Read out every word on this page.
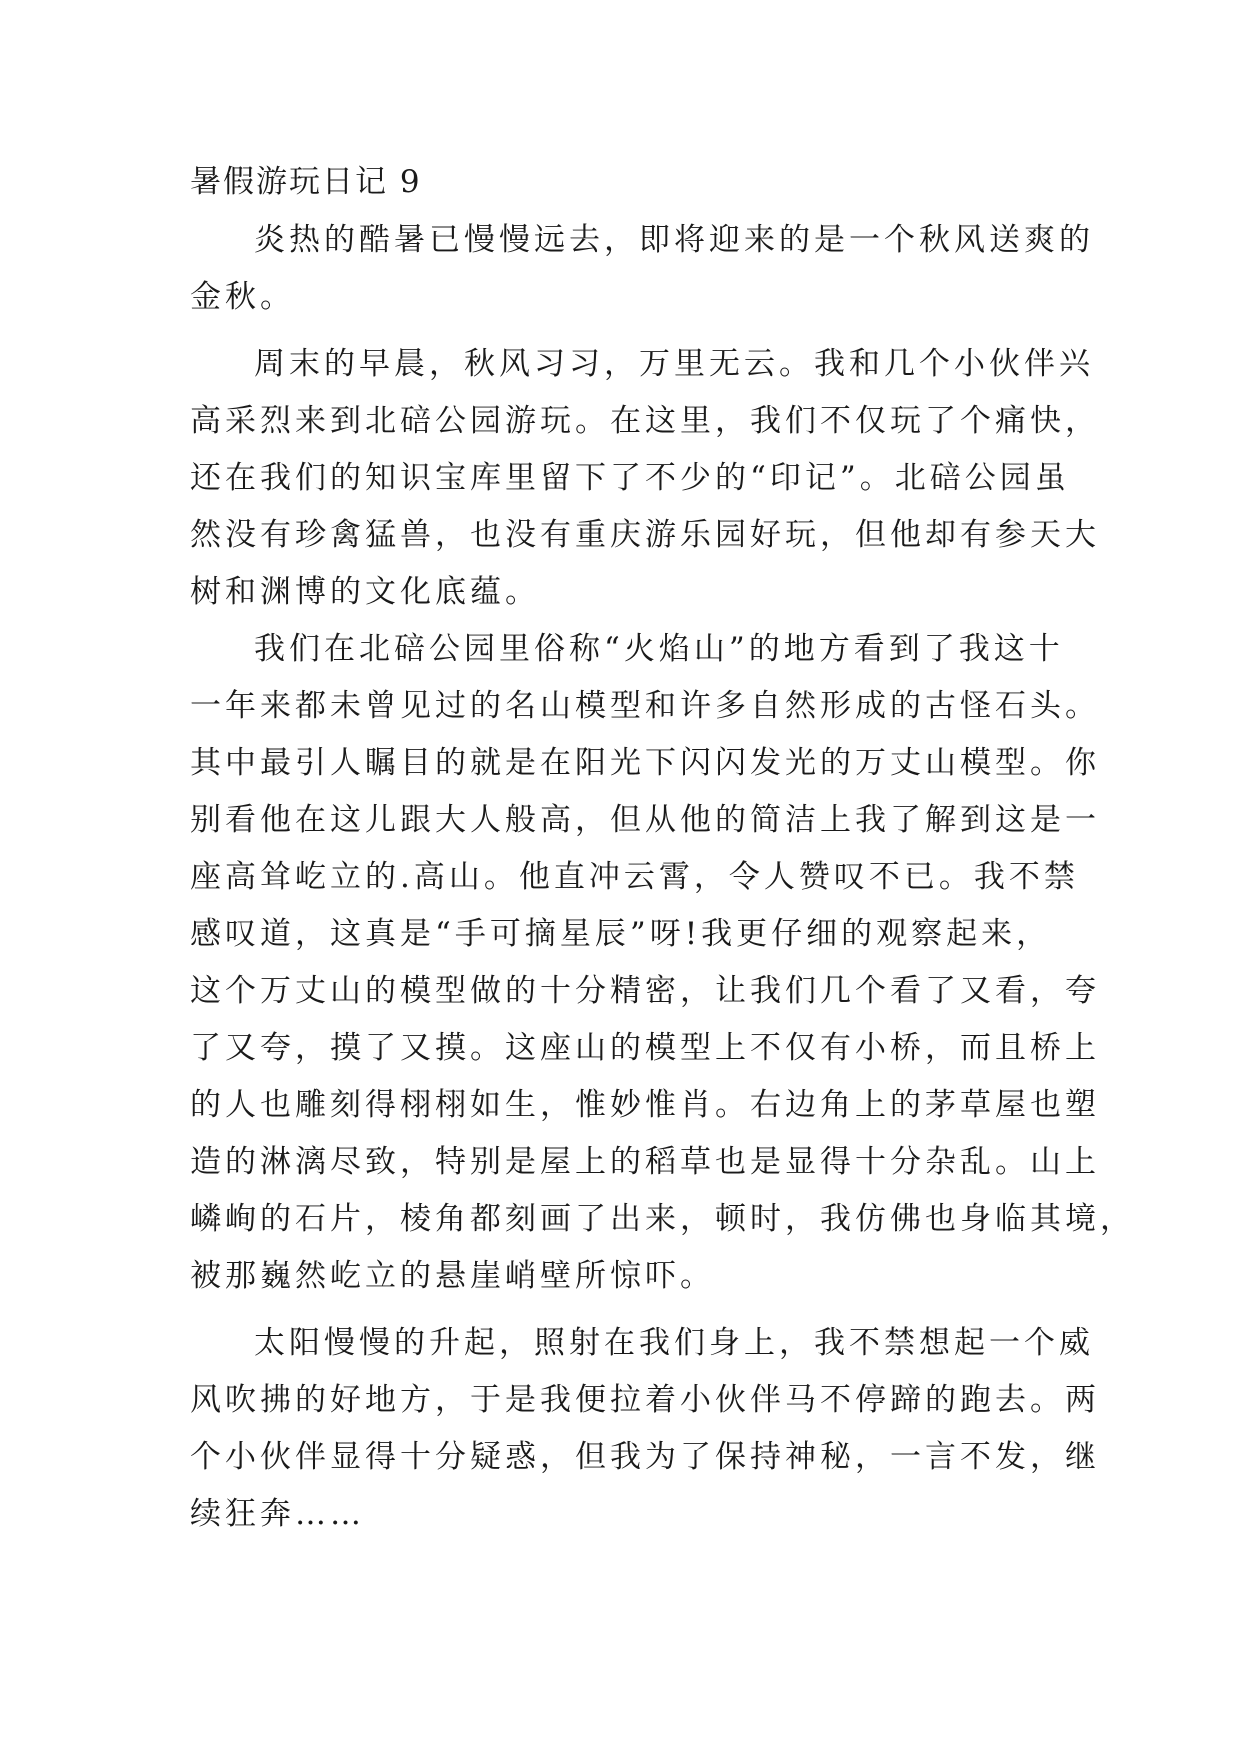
暑假游玩日记 9
炎热的酷暑已慢慢远去，即将迎来的是一个秋风送爽的
金秋。
周末的早晨，秋风习习，万里无云。我和几个小伙伴兴
高采烈来到北碚公园游玩。在这里，我们不仅玩了个痛快，
还在我们的知识宝库里留下了不少的“印记”。北碚公园虽
然没有珍禽猛兽，也没有重庆游乐园好玩，但他却有参天大
树和渊博的文化底蕴。
我们在北碚公园里俗称“火焰山”的地方看到了我这十
一年来都未曾见过的名山模型和许多自然形成的古怪石头。
其中最引人瞩目的就是在阳光下闪闪发光的万丈山模型。你
别看他在这儿跟大人般高，但从他的简洁上我了解到这是一
座高耸屹立的.高山。他直冲云霄，令人赞叹不已。我不禁
感叹道，这真是“手可摘星辰”呀!我更仔细的观察起来，
这个万丈山的模型做的十分精密，让我们几个看了又看，夸
了又夸，摸了又摸。这座山的模型上不仅有小桥，而且桥上
的人也雕刻得栩栩如生，惟妙惟肖。右边角上的茅草屋也塑
造的淋漓尽致，特别是屋上的稻草也是显得十分杂乱。山上
嶙峋的石片，棱角都刻画了出来，顿时，我仿佛也身临其境，
被那巍然屹立的悬崖峭壁所惊吓。
太阳慢慢的升起，照射在我们身上，我不禁想起一个威
风吹拂的好地方，于是我便拉着小伙伴马不停蹄的跑去。两
个小伙伴显得十分疑惑，但我为了保持神秘，一言不发，继
续狂奔……
